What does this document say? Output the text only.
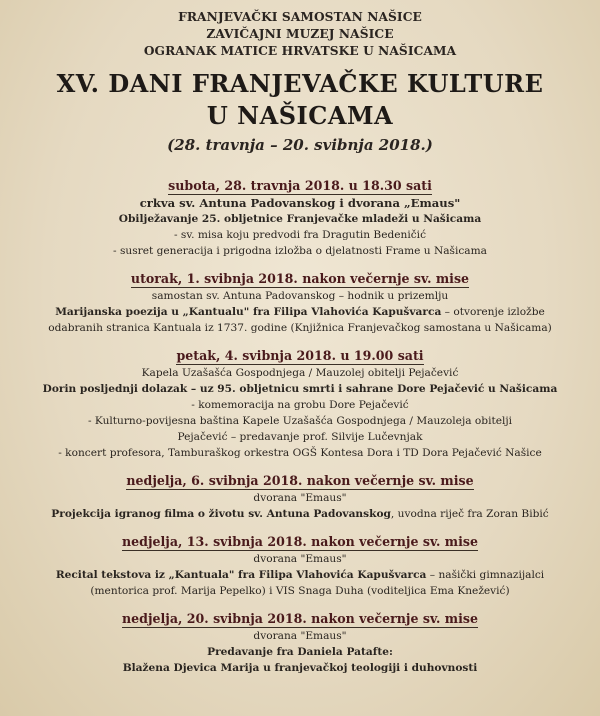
FRANJEVAČKI SAMOSTAN NAŠICE
ZAVIČAJNI MUZEJ NAŠICE
OGRANAK MATICE HRVATSKE U NAŠICAMA
XV. DANI FRANJEVAČKE KULTURE
U NAŠICAMA
(28. travnja – 20. svibnja 2018.)
subota, 28. travnja 2018. u 18.30 sati
crkva sv. Antuna Padovanskog i dvorana „Emaus"
Obilježavanje 25. obljetnice Franjevačke mladeži u Našicama
- sv. misa koju predvodi fra Dragutin Bedeničić
- susret generacija i prigodna izložba o djelatnosti Frame u Našicama
utorak, 1. svibnja 2018. nakon večernje sv. mise
samostan sv. Antuna Padovanskog – hodnik u prizemlju
Marijanska poezija u „Kantualu" fra Filipa Vlahovića Kapušvarca – otvorenje izložbe
odabranih stranica Kantuala iz 1737. godine (Knjižnica Franjevačkog samostana u Našicama)
petak, 4. svibnja 2018. u 19.00 sati
Kapela Uzašašća Gospodnjega / Mauzolej obitelji Pejačević
Dorin posljednji dolazak – uz 95. obljetnicu smrti i sahrane Dore Pejačević u Našicama
- komemoracija na grobu Dore Pejačević
- Kulturno-povijesna baština Kapele Uzašašća Gospodnjega / Mauzoleja obitelji
Pejačević – predavanje prof. Silvije Lučevnjak
- koncert profesora, Tamburaškog orkestra OGŠ Kontesa Dora i TD Dora Pejačević Našice
nedjelja, 6. svibnja 2018. nakon večernje sv. mise
dvorana "Emaus"
Projekcija igranog filma o životu sv. Antuna Padovanskog, uvodna riječ fra Zoran Bibić
nedjelja, 13. svibnja 2018. nakon večernje sv. mise
dvorana "Emaus"
Recital tekstova iz „Kantuala" fra Filipa Vlahovića Kapušvarca – našički gimnazijalci
(mentorica prof. Marija Pepelko) i VIS Snaga Duha (voditeljica Ema Knežević)
nedjelja, 20. svibnja 2018. nakon večernje sv. mise
dvorana "Emaus"
Predavanje fra Daniela Patafte:
Blažena Djevica Marija u franjevačkoj teologiji i duhovnosti
